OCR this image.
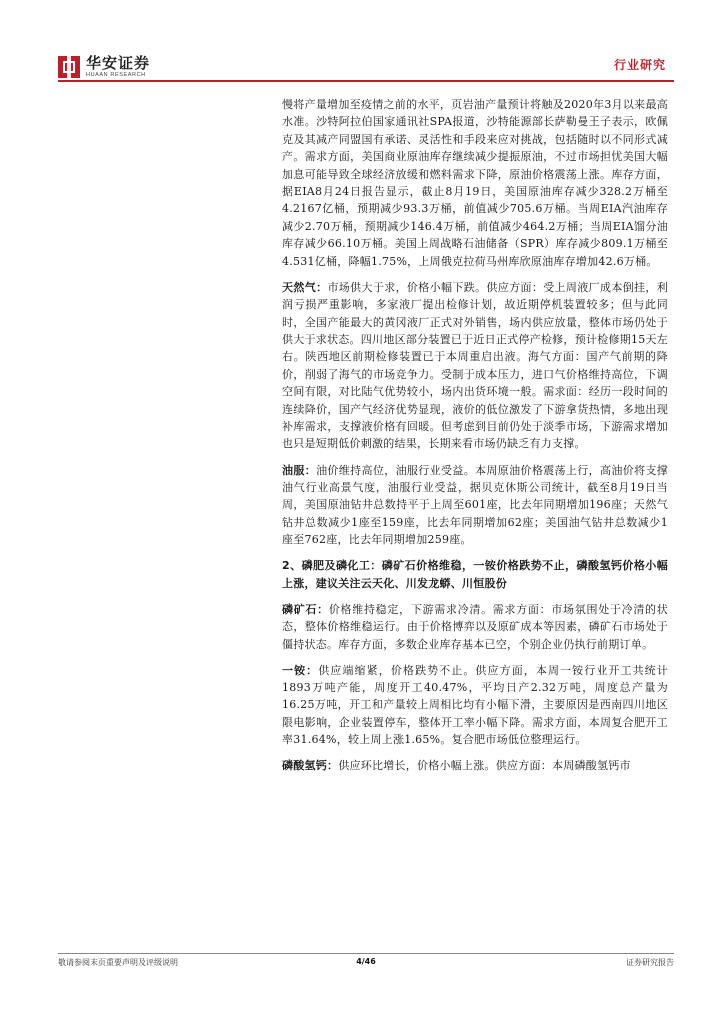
华安证券
HUAAN RESEARCH
行业研究

慢将产量增加至疫情之前的水平，页岩油产量预计将触及2020年3月以来最高水准。沙特阿拉伯国家通讯社SPA报道，沙特能源部长萨勒曼王子表示，欧佩克及其减产同盟国有承诺、灵活性和手段来应对挑战，包括随时以不同形式减产。需求方面，美国商业原油库存继续减少提振原油，不过市场担忧美国大幅加息可能导致全球经济放缓和燃料需求下降，原油价格震荡上涨。库存方面，据EIA8月24日报告显示，截止8月19日，美国原油库存减少328.2万桶至4.2167亿桶，预期减少93.3万桶，前值减少705.6万桶。当周EIA汽油库存减少2.70万桶，预期减少146.4万桶，前值减少464.2万桶；当周EIA馏分油库存减少66.10万桶。美国上周战略石油储备（SPR）库存减少809.1万桶至4.531亿桶，降幅1.75%，上周俄克拉荷马州库欣原油库存增加42.6万桶。

天然气：市场供大于求，价格小幅下跌。供应方面：受上周液厂成本倒挂，利润亏损严重影响，多家液厂提出检修计划，故近期停机装置较多；但与此同时，全国产能最大的黄冈液厂正式对外销售，场内供应放量，整体市场仍处于供大于求状态。四川地区部分装置已于近日正式停产检修，预计检修期15天左右。陕西地区前期检修装置已于本周重启出液。海气方面：国产气前期的降价，削弱了海气的市场竞争力。受制于成本压力，进口气价格维持高位，下调空间有限，对比陆气优势较小，场内出货环境一般。需求面：经历一段时间的连续降价，国产气经济优势显现，液价的低位激发了下游拿货热情，多地出现补库需求，支撑液价格有回暖。但考虑到目前仍处于淡季市场，下游需求增加也只是短期低价刺激的结果，长期来看市场仍缺乏有力支撑。

油服：油价维持高位，油服行业受益。本周原油价格震荡上行，高油价将支撑油气行业高景气度，油服行业受益，据贝克休斯公司统计，截至8月19日当周，美国原油钻井总数持平于上周至601座，比去年同期增加196座；天然气钻井总数减少1座至159座，比去年同期增加62座；美国油气钻井总数减少1座至762座，比去年同期增加259座。

2、磷肥及磷化工：磷矿石价格维稳，一铵价格跌势不止，磷酸氢钙价格小幅上涨，建议关注云天化、川发龙蟒、川恒股份

磷矿石：价格维持稳定，下游需求冷清。需求方面：市场氛围处于冷清的状态，整体价格维稳运行。由于价格博弈以及原矿成本等因素，磷矿石市场处于僵持状态。库存方面，多数企业库存基本已空，个别企业仍执行前期订单。

一铵：供应端缩紧，价格跌势不止。供应方面，本周一铵行业开工共统计1893万吨产能，周度开工40.47%，平均日产2.32万吨，周度总产量为16.25万吨，开工和产量较上周相比均有小幅下滑，主要原因是西南四川地区限电影响，企业装置停车，整体开工率小幅下降。需求方面，本周复合肥开工率31.64%，较上周上涨1.65%。复合肥市场低位整理运行。

磷酸氢钙：供应环比增长，价格小幅上涨。供应方面：本周磷酸氢钙市

敬请参阅末页重要声明及评级说明	4/46	证券研究报告
